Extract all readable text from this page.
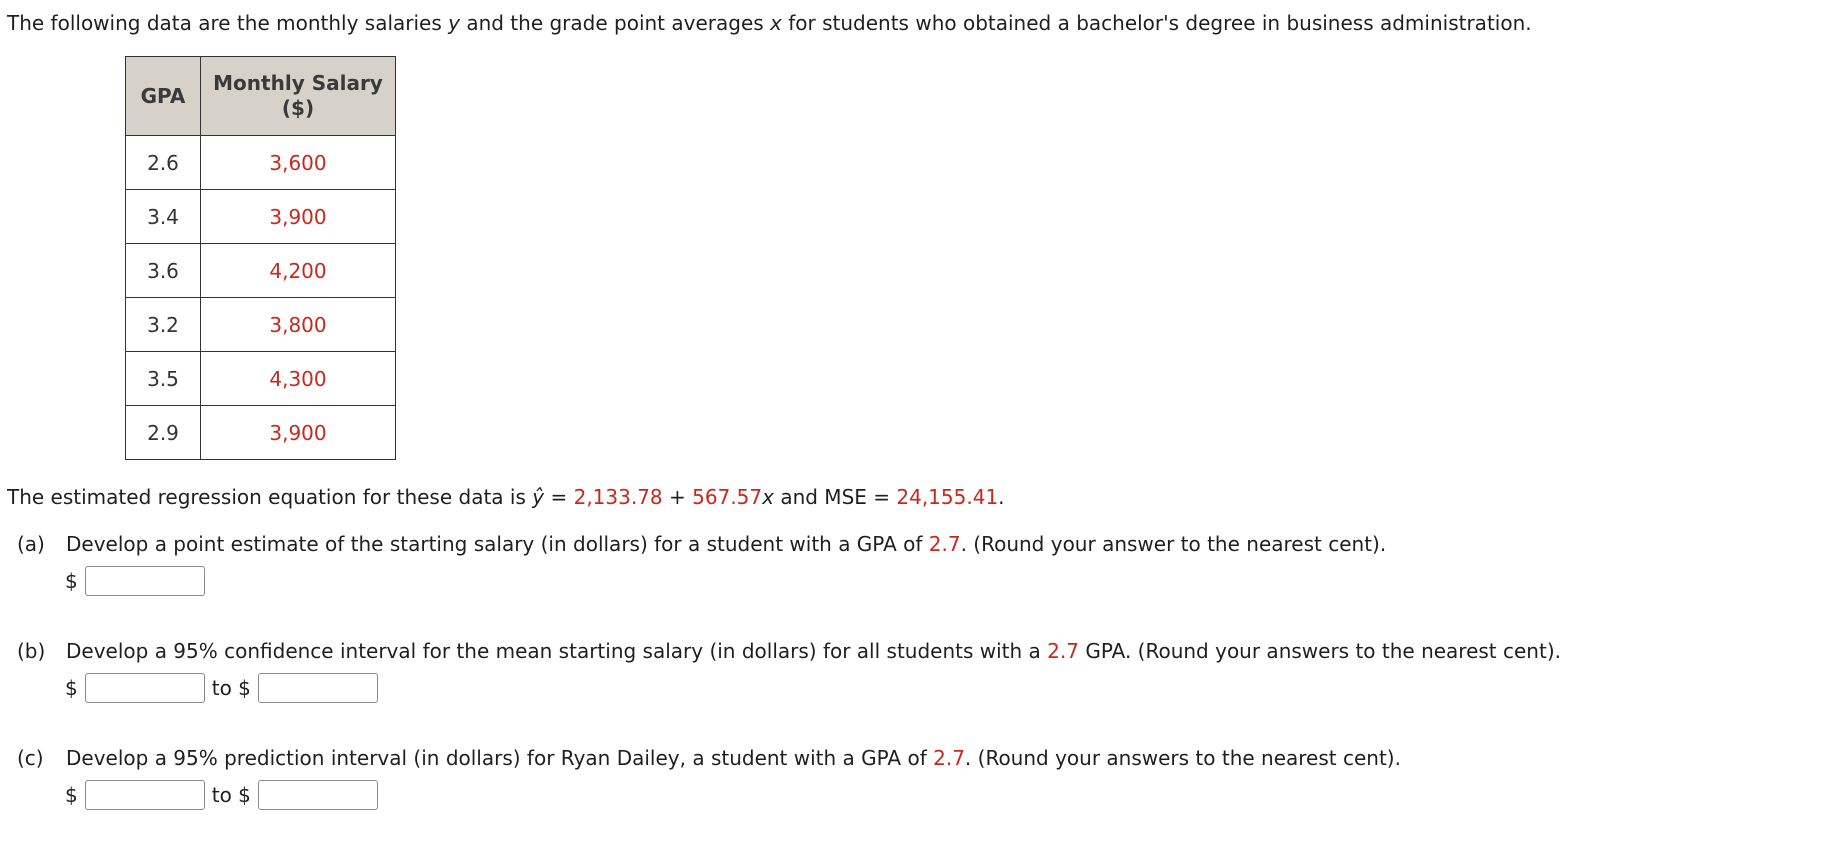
The following data are the monthly salaries y and the grade point averages x for students who obtained a bachelor's degree in business administration.
GPA	Monthly Salary
($)
2.6	3,600
3.4	3,900
3.6	4,200
3.2	3,800
3.5	4,300
2.9	3,900
The estimated regression equation for these data is ŷ = 2,133.78 + 567.57x and MSE = 24,155.41.
(a) Develop a point estimate of the starting salary (in dollars) for a student with a GPA of 2.7. (Round your answer to the nearest cent).
$
(b) Develop a 95% confidence interval for the mean starting salary (in dollars) for all students with a 2.7 GPA. (Round your answers to the nearest cent).
$	to $
(c) Develop a 95% prediction interval (in dollars) for Ryan Dailey, a student with a GPA of 2.7. (Round your answers to the nearest cent).
$	to $
